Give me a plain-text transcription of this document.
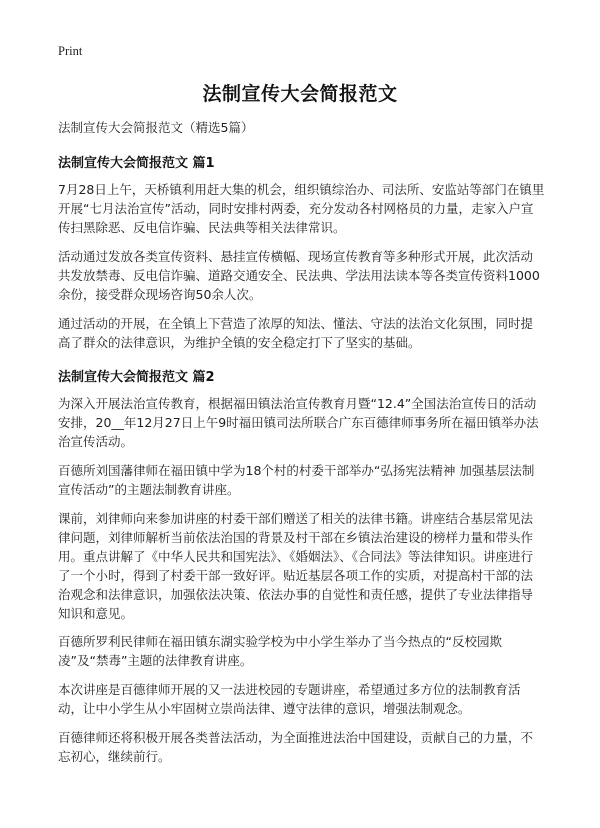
Print
法制宣传大会简报范文
法制宣传大会简报范文（精选5篇）
法制宣传大会简报范文 篇1

7月28日上午，天桥镇利用赶大集的机会，组织镇综治办、司法所、安监站等部门在镇里开展“七月法治宣传”活动，同时安排村两委，充分发动各村网格员的力量，走家入户宣传扫黑除恶、反电信诈骗、民法典等相关法律常识。

活动通过发放各类宣传资料、悬挂宣传横幅、现场宣传教育等多种形式开展，此次活动共发放禁毒、反电信诈骗、道路交通安全、民法典、学法用法读本等各类宣传资料1000余份，接受群众现场咨询50余人次。

通过活动的开展，在全镇上下营造了浓厚的知法、懂法、守法的法治文化氛围，同时提高了群众的法律意识，为维护全镇的安全稳定打下了坚实的基础。

法制宣传大会简报范文 篇2

为深入开展法治宣传教育，根据福田镇法治宣传教育月暨“12.4”全国法治宣传日的活动安排，20__年12月27日上午9时福田镇司法所联合广东百德律师事务所在福田镇举办法治宣传活动。

百德所刘国藩律师在福田镇中学为18个村的村委干部举办“弘扬宪法精神 加强基层法制宣传活动”的主题法制教育讲座。

课前，刘律师向来参加讲座的村委干部们赠送了相关的法律书籍。讲座结合基层常见法律问题，刘律师解析当前依法治国的背景及村干部在乡镇法治建设的榜样力量和带头作用。重点讲解了《中华人民共和国宪法》、《婚姻法》、《合同法》等法律知识。讲座进行了一个小时，得到了村委干部一致好评。贴近基层各项工作的实质，对提高村干部的法治观念和法律意识，加强依法决策、依法办事的自觉性和责任感，提供了专业法律指导知识和意见。

百德所罗利民律师在福田镇东湖实验学校为中小学生举办了当今热点的“反校园欺凌”及“禁毒”主题的法律教育讲座。

本次讲座是百德律师开展的又一法进校园的专题讲座，希望通过多方位的法制教育活动，让中小学生从小牢固树立崇尚法律、遵守法律的意识，增强法制观念。

百德律师还将积极开展各类普法活动，为全面推进法治中国建设，贡献自己的力量，不忘初心，继续前行。
